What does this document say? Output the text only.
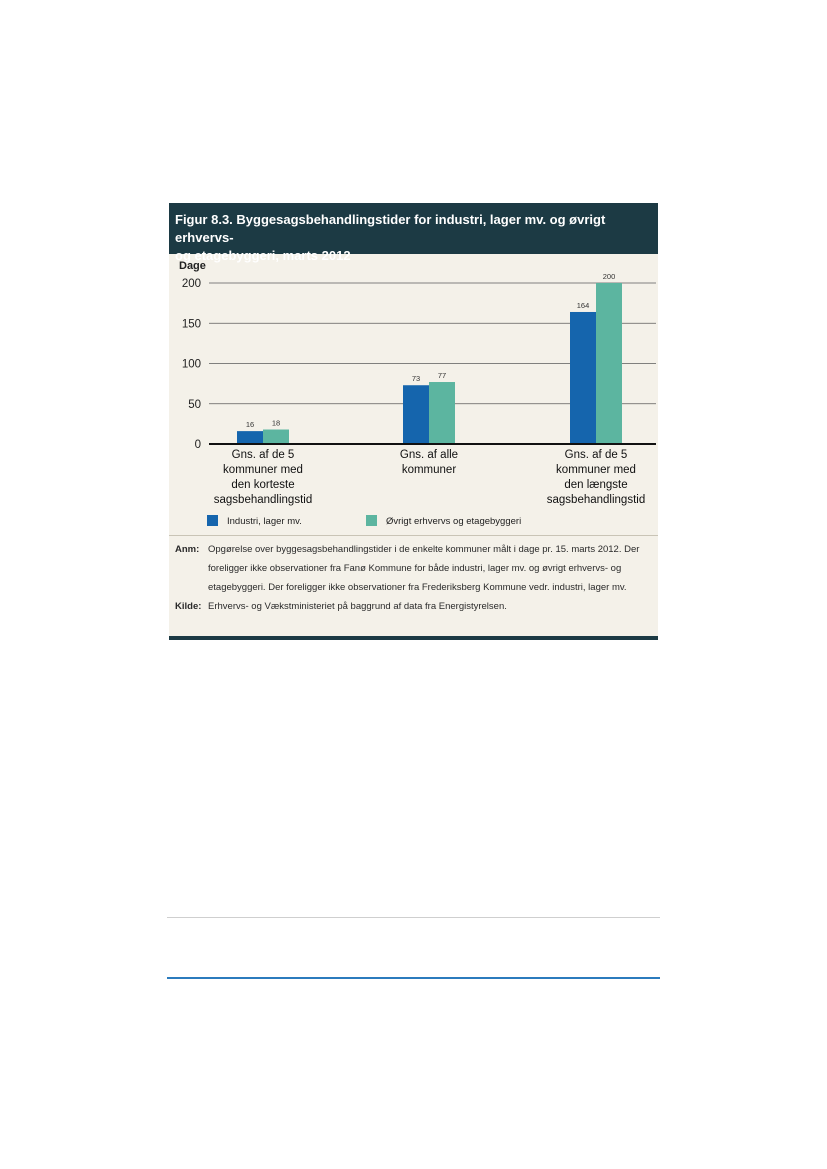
Figur 8.3. Byggesagsbehandlingstider for industri, lager mv. og øvrigt erhvervs-
og etagebyggeri, marts 2012
Dage
0
50
100
150
200
16
73
164
18
77
200
Gns. af de 5
kommuner med
den korteste
sagsbehandlingstid
Gns. af alle
kommuner
Gns. af de 5
kommuner med
den længste
sagsbehandlingstid
Industri, lager mv.	Øvrigt erhvervs og etagebyggeri
Anm: Opgørelse over byggesagsbehandlingstider i de enkelte kommuner målt i dage pr. 15. marts 2012. Der foreligger ikke observationer fra Fanø Kommune for både industri, lager mv. og øvrigt erhvervs- og etagebyggeri. Der foreligger ikke observationer fra Frederiksberg Kommune vedr. industri, lager mv.
Kilde: Erhvervs- og Vækstministeriet på baggrund af data fra Energistyrelsen.
